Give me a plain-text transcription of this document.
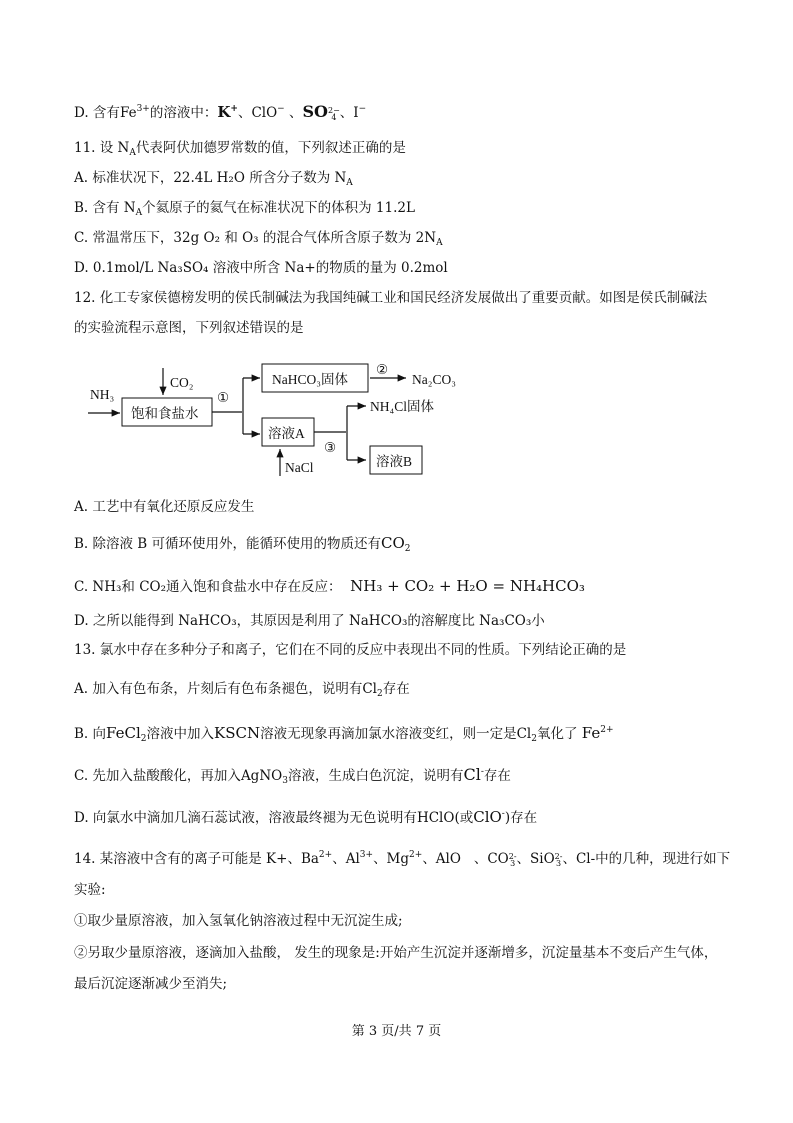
D. 含有$Fe^{3+}$的溶液中：K+、ClO− 、SO2−
4 、I−
11. 设 $N_A$代表阿伏加德罗常数的值，下列叙述正确的是
A. 标准状况下，22.4L H₂O 所含分子数为 $N_A$
B. 含有 $N_A$个氦原子的氦气在标准状况下的体积为 11.2L
C. 常温常压下，32g O₂ 和 O₃ 的混合气体所含原子数为 $2N_A$
D. 0.1mol/L Na₃SO₄ 溶液中所含 Na+的物质的量为 0.2mol
12. 化工专家侯德榜发明的侯氏制碱法为我国纯碱工业和国民经济发展做出了重要贡献。如图是侯氏制碱法
的实验流程示意图，下列叙述错误的是
NH₃
CO₂
饱和食盐水
①
NaHCO₃固体
②
Na₂CO₃
溶液A
NaCl
③
NH₄Cl固体
溶液B
A. 工艺中有氧化还原反应发生
B. 除溶液 B 可循环使用外，能循环使用的物质还有$CO_2$
C. NH₃和 CO₂通入饱和食盐水中存在反应： NH₃ + CO₂ + H₂O = NH₄HCO₃
D. 之所以能得到 NaHCO₃，其原因是利用了 NaHCO₃的溶解度比 Na₃CO₃小
13. 氯水中存在多种分子和离子，它们在不同的反应中表现出不同的性质。下列结论正确的是
A. 加入有色布条，片刻后有色布条褪色，说明有$Cl_2$存在
B. 向FeCl$_2$溶液中加入KSCN溶液无现象再滴加氯水溶液变红，则一定是$Cl_2$氧化了 $Fe^{2+}$
C. 先加入盐酸酸化，再加入AgNO$_3$溶液，生成白色沉淀，说明有Cl-存在
D. 向氯水中滴加几滴石蕊试液，溶液最终褪为无色说明有HClO(或ClO-)存在
14. 某溶液中含有的离子可能是 K+、$Ba^{2+}$、$Al^{3+}$、$Mg^{2+}$、AlO 、CO2-
3、SiO2-
3、Cl-中的几种，现进行如下
实验:
①取少量原溶液，加入氢氧化钠溶液过程中无沉淀生成;
②另取少量原溶液，逐滴加入盐酸， 发生的现象是:开始产生沉淀并逐渐增多，沉淀量基本不变后产生气体，
最后沉淀逐渐减少至消失;
第 3 页/共 7 页
